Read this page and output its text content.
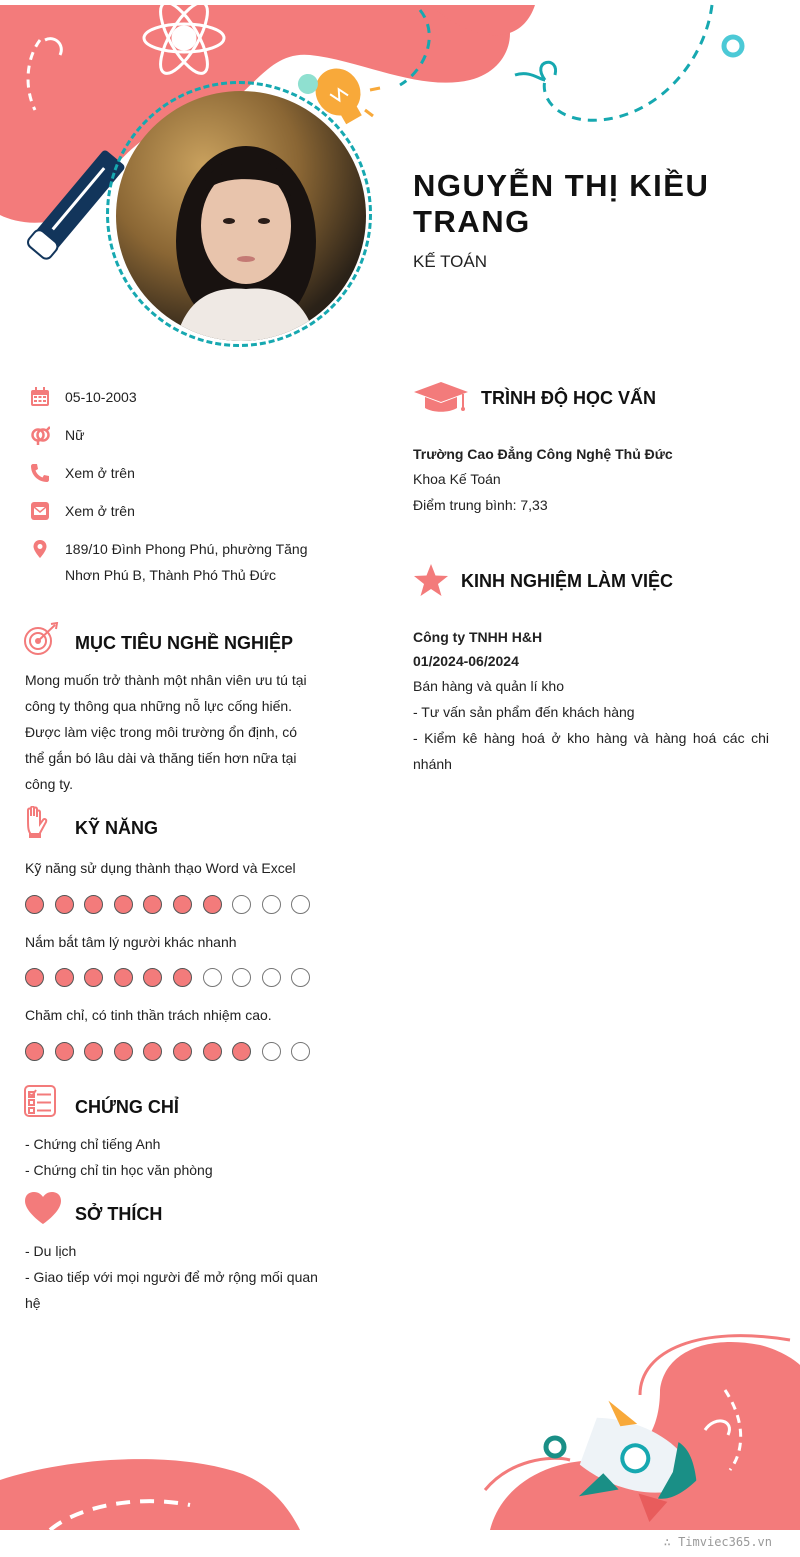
NGUYỄN THỊ KIỀU TRANG
KẾ TOÁN
05-10-2003
Nữ
Xem ở trên
Xem ở trên
189/10 Đình Phong Phú, phường Tăng Nhơn Phú B, Thành Phó Thủ Đức
MỤC TIÊU NGHỀ NGHIỆP
Mong muốn trở thành một nhân viên ưu tú tại công ty thông qua những nỗ lực cống hiến. Được làm việc trong môi trường ổn định, có thể gắn bó lâu dài và thăng tiến hơn nữa tại công ty.
KỸ NĂNG
Kỹ năng sử dụng thành thạo Word và Excel
Nắm bắt tâm lý người khác nhanh
Chăm chỉ, có tinh thần trách nhiệm cao.
CHỨNG CHỈ
- Chứng chỉ tiếng Anh
- Chứng chỉ tin học văn phòng
SỞ THÍCH
- Du lịch
- Giao tiếp với mọi người để mở rộng mối quan hệ
TRÌNH ĐỘ HỌC VẤN
Trường Cao Đẳng Công Nghệ Thủ Đức
Khoa Kế Toán
Điểm trung bình: 7,33
KINH NGHIỆM LÀM VIỆC
Công ty TNHH H&H
01/2024-06/2024
Bán hàng và quản lí kho
- Tư vấn sản phẩm đến khách hàng
- Kiểm kê hàng hoá ở kho hàng và hàng hoá các chi nhánh
∴ Timviec365.vn
